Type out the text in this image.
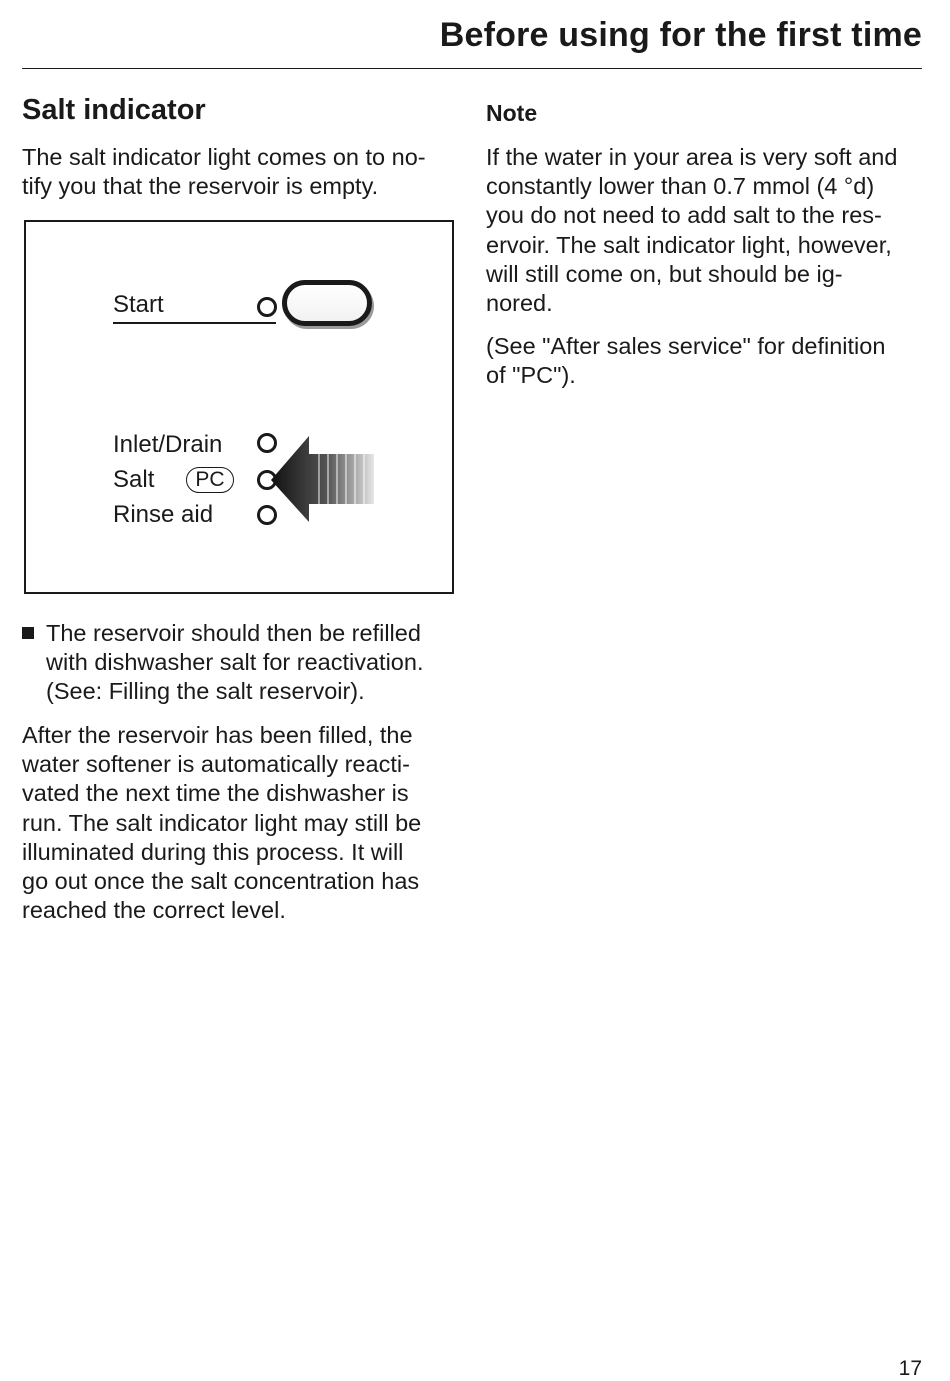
Before using for the first time
Salt indicator
The salt indicator light comes on to no-
tify you that the reservoir is empty.
Start
Inlet/Drain
Salt	PC
Rinse aid
The reservoir should then be refilled
with dishwasher salt for reactivation.
(See: Filling the salt reservoir).
After the reservoir has been filled, the
water softener is automatically reacti-
vated the next time the dishwasher is
run. The salt indicator light may still be
illuminated during this process. It will
go out once the salt concentration has
reached the correct level.
Note
If the water in your area is very soft and
constantly lower than 0.7 mmol (4 °d)
you do not need to add salt to the res-
ervoir. The salt indicator light, however,
will still come on, but should be ig-
nored.
(See "After sales service" for definition
of "PC").
17
